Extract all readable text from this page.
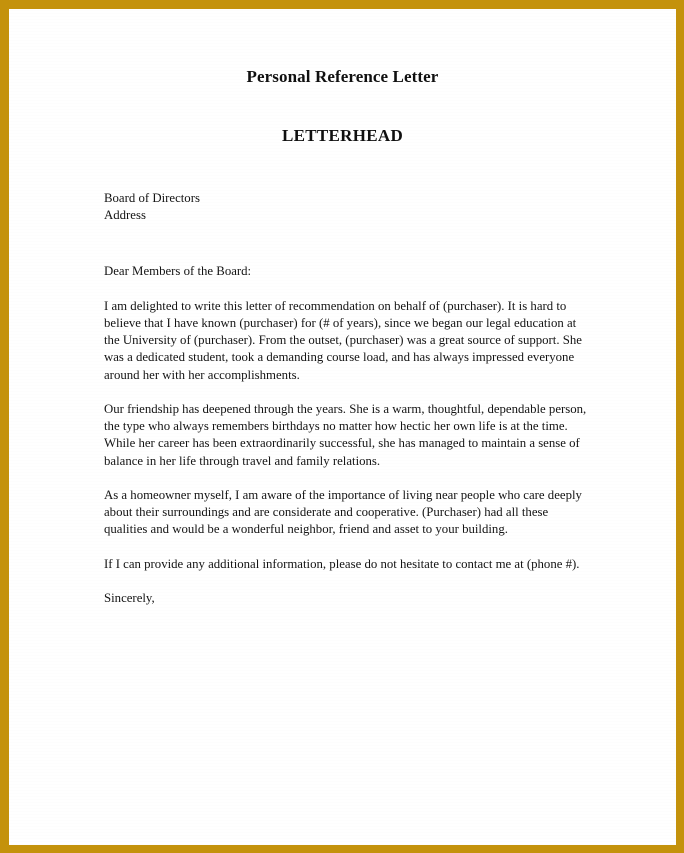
Personal Reference Letter
LETTERHEAD
Board of Directors
Address

Dear Members of the Board:

I am delighted to write this letter of recommendation on behalf of (purchaser). It is hard to believe that I have known (purchaser) for (# of years), since we began our legal education at the University of (purchaser). From the outset, (purchaser) was a great source of support. She was a dedicated student, took a demanding course load, and has always impressed everyone around her with her accomplishments.

Our friendship has deepened through the years. She is a warm, thoughtful, dependable person, the type who always remembers birthdays no matter how hectic her own life is at the time. While her career has been extraordinarily successful, she has managed to maintain a sense of balance in her life through travel and family relations.

As a homeowner myself, I am aware of the importance of living near people who care deeply about their surroundings and are considerate and cooperative. (Purchaser) had all these qualities and would be a wonderful neighbor, friend and asset to your building.

If I can provide any additional information, please do not hesitate to contact me at (phone #).

Sincerely,
